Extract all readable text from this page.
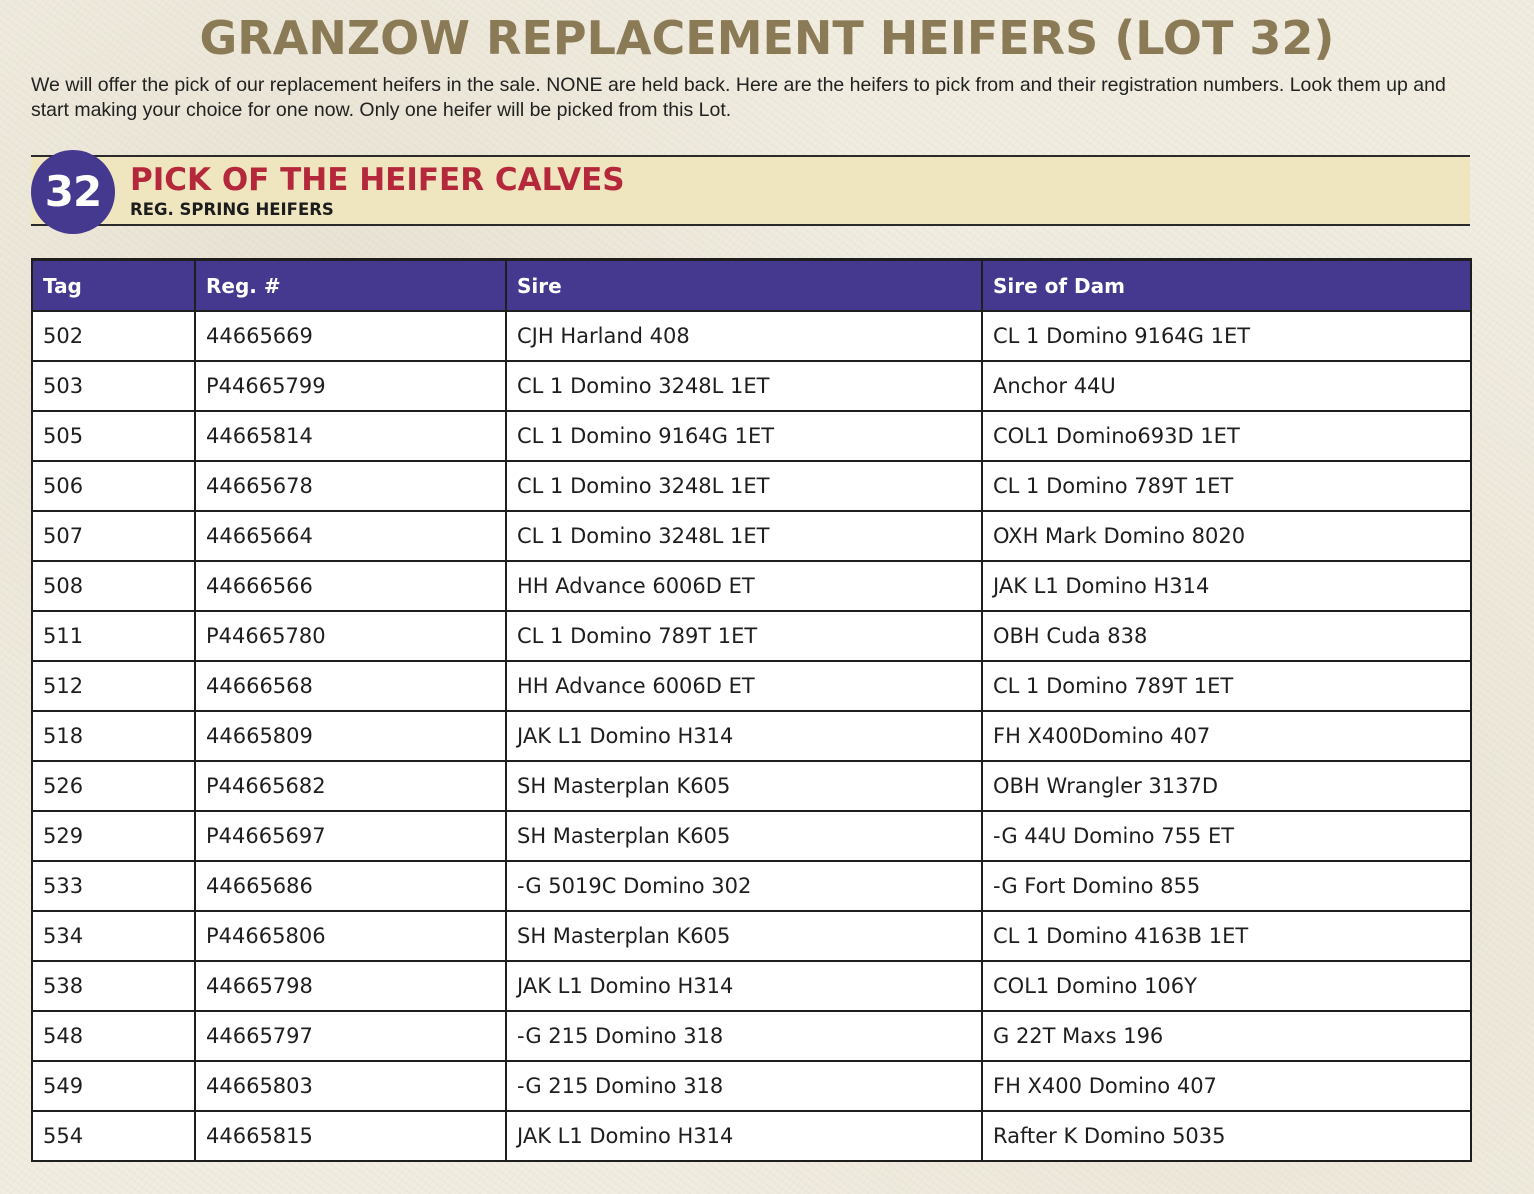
GRANZOW REPLACEMENT HEIFERS (LOT 32)
We will offer the pick of our replacement heifers in the sale. NONE are held back. Here are the heifers to pick from and their registration numbers. Look them up and start making your choice for one now. Only one heifer will be picked from this Lot.
32 PICK OF THE HEIFER CALVES
REG. SPRING HEIFERS
Tag	Reg. #	Sire	Sire of Dam
502	44665669	CJH Harland 408	CL 1 Domino 9164G 1ET
503	P44665799	CL 1 Domino 3248L 1ET	Anchor 44U
505	44665814	CL 1 Domino 9164G 1ET	COL1 Domino693D 1ET
506	44665678	CL 1 Domino 3248L 1ET	CL 1 Domino 789T 1ET
507	44665664	CL 1 Domino 3248L 1ET	OXH Mark Domino 8020
508	44666566	HH Advance 6006D ET	JAK L1 Domino H314
511	P44665780	CL 1 Domino 789T 1ET	OBH Cuda 838
512	44666568	HH Advance 6006D ET	CL 1 Domino 789T 1ET
518	44665809	JAK L1 Domino H314	FH X400Domino 407
526	P44665682	SH Masterplan K605	OBH Wrangler 3137D
529	P44665697	SH Masterplan K605	-G 44U Domino 755 ET
533	44665686	-G 5019C Domino 302	-G Fort Domino 855
534	P44665806	SH Masterplan K605	CL 1 Domino 4163B 1ET
538	44665798	JAK L1 Domino H314	COL1 Domino 106Y
548	44665797	-G 215 Domino 318	G 22T Maxs 196
549	44665803	-G 215 Domino 318	FH X400 Domino 407
554	44665815	JAK L1 Domino H314	Rafter K Domino 5035
